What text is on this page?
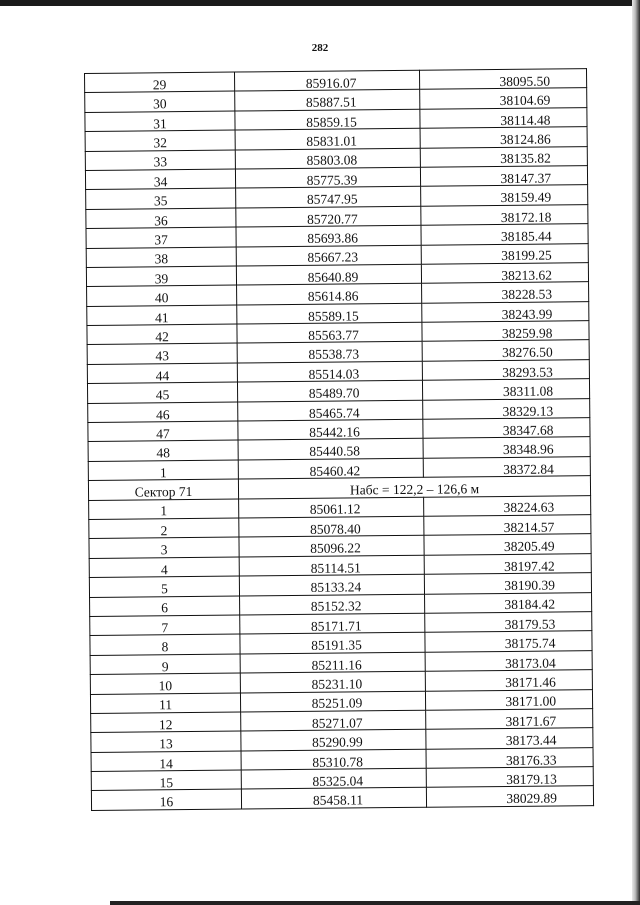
282
29	85916.07	38095.50
30	85887.51	38104.69
31	85859.15	38114.48
32	85831.01	38124.86
33	85803.08	38135.82
34	85775.39	38147.37
35	85747.95	38159.49
36	85720.77	38172.18
37	85693.86	38185.44
38	85667.23	38199.25
39	85640.89	38213.62
40	85614.86	38228.53
41	85589.15	38243.99
42	85563.77	38259.98
43	85538.73	38276.50
44	85514.03	38293.53
45	85489.70	38311.08
46	85465.74	38329.13
47	85442.16	38347.68
48	85440.58	38348.96
1	85460.42	38372.84
Сектор 71	Набс = 122,2 – 126,6 м	
1	85061.12	38224.63
2	85078.40	38214.57
3	85096.22	38205.49
4	85114.51	38197.42
5	85133.24	38190.39
6	85152.32	38184.42
7	85171.71	38179.53
8	85191.35	38175.74
9	85211.16	38173.04
10	85231.10	38171.46
11	85251.09	38171.00
12	85271.07	38171.67
13	85290.99	38173.44
14	85310.78	38176.33
15	85325.04	38179.13
16	85458.11	38029.89
